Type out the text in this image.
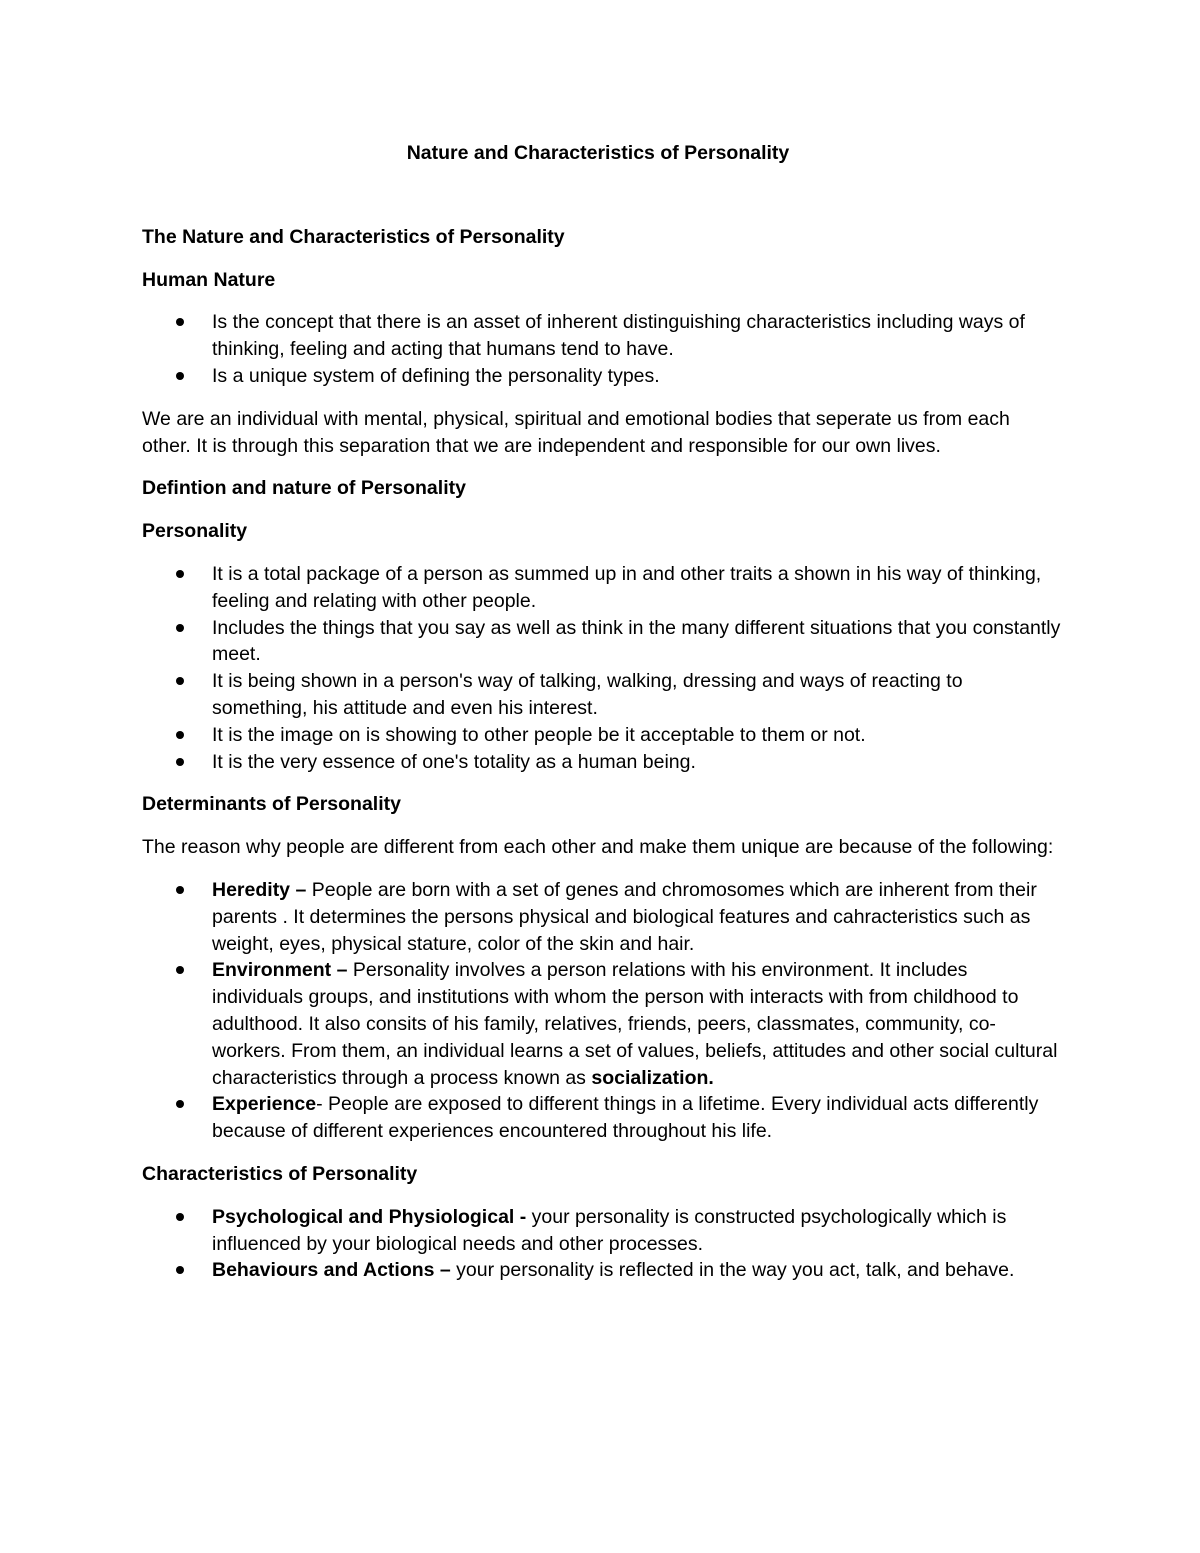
Nature and Characteristics of Personality
The Nature and Characteristics of Personality
Human Nature
Is the concept that there is an asset of inherent distinguishing characteristics including ways of thinking, feeling and acting that humans tend to have.
Is a unique system of defining the personality types.
We are an individual with mental, physical, spiritual and emotional bodies that seperate us from each other. It is through this separation that we are independent and responsible for our own lives.
Defintion and nature of Personality
Personality
It is a total package of a person as summed up in and other traits a shown in his way of thinking, feeling and relating with other people.
Includes the things that you say as well as think in the many different situations that you constantly meet.
It is being shown in a person's way of talking, walking, dressing and ways of reacting to something, his attitude and even his interest.
It is the image on is showing to other people be it acceptable to them or not.
It is the very essence of one's totality as a human being.
Determinants of Personality
The reason why people are different from each other and make them unique are because of the following:
Heredity – People are born with a set of genes and chromosomes which are inherent from their parents . It determines the persons physical and biological features and cahracteristics such as weight, eyes, physical stature, color of the skin and hair.
Environment – Personality involves a person relations with his environment. It includes individuals groups, and institutions with whom the person with interacts with from childhood to adulthood. It also consits of his family, relatives, friends, peers, classmates, community, co-workers. From them, an individual learns a set of values, beliefs, attitudes and other social cultural characteristics through a process known as socialization.
Experience- People are exposed to different things in a lifetime. Every individual acts differently because of different experiences encountered throughout his life.
Characteristics of Personality
Psychological and Physiological - your personality is constructed psychologically which is influenced by your biological needs and other processes.
Behaviours and Actions – your personality is reflected in the way you act, talk, and behave.
